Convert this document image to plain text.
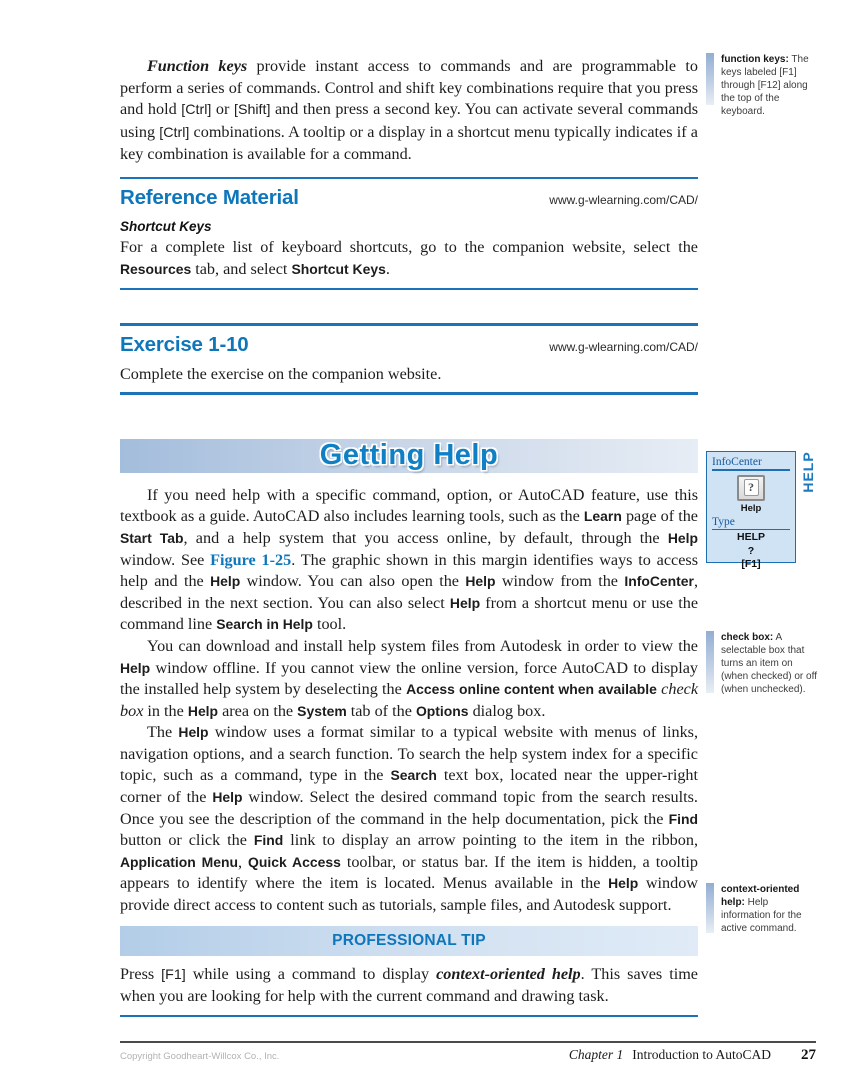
Function keys provide instant access to commands and are programmable to perform a series of commands. Control and shift key combinations require that you press and hold [Ctrl] or [Shift] and then press a second key. You can activate several commands using [Ctrl] combinations. A tooltip or a display in a shortcut menu typically indicates if a key combination is available for a command.

Reference Material	www.g-wlearning.com/CAD/
Shortcut Keys

For a complete list of keyboard shortcuts, go to the companion website, select the Resources tab, and select Shortcut Keys.

Exercise 1-10	www.g-wlearning.com/CAD/

Complete the exercise on the companion website.

Getting Help

If you need help with a specific command, option, or AutoCAD feature, use this textbook as a guide. AutoCAD also includes learning tools, such as the Learn page of the Start Tab, and a help system that you access online, by default, through the Help window. See Figure 1-25. The graphic shown in this margin identifies ways to access help and the Help window. You can also open the Help window from the InfoCenter, described in the next section. You can also select Help from a shortcut menu or use the command line Search in Help tool.

You can download and install help system files from Autodesk in order to view the Help window offline. If you cannot view the online version, force AutoCAD to display the installed help system by deselecting the Access online content when available check box in the Help area on the System tab of the Options dialog box.

The Help window uses a format similar to a typical website with menus of links, navigation options, and a search function. To search the help system index for a specific topic, such as a command, type in the Search text box, located near the upper-right corner of the Help window. Select the desired command topic from the search results. Once you see the description of the command in the help documentation, pick the Find button or click the Find link to display an arrow pointing to the item in the ribbon, Application Menu, Quick Access toolbar, or status bar. If the item is hidden, a tooltip appears to identify where the item is located. Menus available in the Help window provide direct access to content such as tutorials, sample files, and Autodesk support.

PROFESSIONAL TIP

Press [F1] while using a command to display context-oriented help. This saves time when you are looking for help with the current command and drawing task.

function keys: The keys labeled [F1] through [F12] along the top of the keyboard.
InfoCenter
?
Help
Type
HELP
?
[F1]
HELP
check box: A selectable box that turns an item on (when checked) or off (when unchecked).
context-oriented help: Help information for the active command.
Copyright Goodheart-Willcox Co., Inc.	Chapter 1 Introduction to AutoCAD 27
